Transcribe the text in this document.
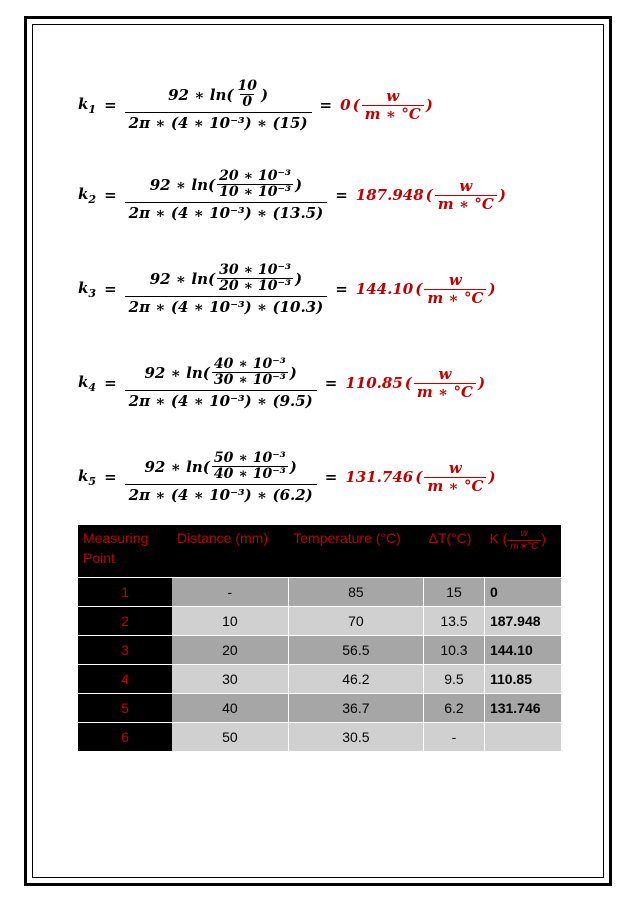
$k_1 = \frac{92 ∗ \ln( \frac{10}{0} )}{\text{2π ∗ (4 ∗ 10⁻³) ∗ (15)}} = 0$ ( $\frac{w}{m ∗ ^\circ C}$ )
$k_2 = \frac{92 ∗ \ln( \frac{\text{20 ∗ 10⁻³}}{\text{10 ∗ 10⁻³}} )}{\text{2π ∗ (4 ∗ 10⁻³) ∗ (13.5)}} = 187.948$ ( $\frac{w}{m ∗ ^\circ C}$ )
$k_3 = \frac{92 ∗ \ln( \frac{\text{30 ∗ 10⁻³}}{\text{20 ∗ 10⁻³}} )}{\text{2π ∗ (4 ∗ 10⁻³) ∗ (10.3)}} = 144.10$ ( $\frac{w}{m ∗ ^\circ C}$ )
$k_4 = \frac{92 ∗ \ln( \frac{\text{40 ∗ 10⁻³}}{\text{30 ∗ 10⁻³}} )}{\text{2π ∗ (4 ∗ 10⁻³) ∗ (9.5)}} = 110.85$ ( $\frac{w}{m ∗ ^\circ C}$ )
$k_5 = \frac{92 ∗ \ln( \frac{\text{50 ∗ 10⁻³}}{\text{40 ∗ 10⁻³}} )}{\text{2π ∗ (4 ∗ 10⁻³) ∗ (6.2)}} = 131.746$ ( $\frac{w}{m ∗ ^\circ C}$ )
Measuring Point	Distance (mm)	Temperature (°C)	ΔT(°C)	K ( $\frac{w}{m∗^\circ C}$ )
1	-	85	15	0
2	10	70	13.5	187.948
3	20	56.5	10.3	144.10
4	30	46.2	9.5	110.85
5	40	36.7	6.2	131.746
6	50	30.5	-	
